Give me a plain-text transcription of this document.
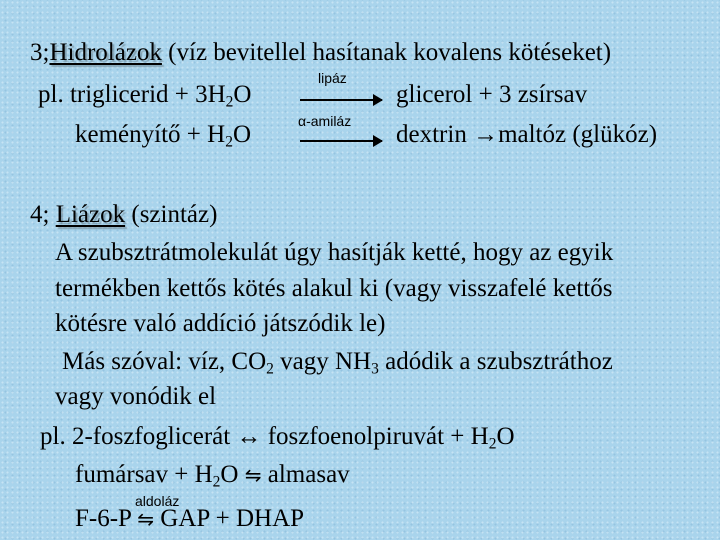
3;Hidrolázok (víz bevitellel hasítanak kovalens kötéseket)
pl. triglicerid + $3H_2O$
lipáz
glicerol + 3 zsírsav
keményítő + $H_2O$	α-amiláz dextrin →maltóz (glükóz)
4; Liázok (szintáz)
A szubsztrátmolekulát úgy hasítják ketté, hogy az egyik
termékben kettős kötés alakul ki (vagy visszafelé kettős
kötésre való addíció játszódik le)
Más szóval: víz, $CO_2$ vagy $NH_3$ adódik a szubsztráthoz
vagy vonódik el
pl. 2-foszfoglicerát ↔ foszfoenolpiruvát + $H_2O$
fumársav + $H_2O$ ⇋ almasav
aldoláz
F-6-P ⇋ GAP + DHAP
